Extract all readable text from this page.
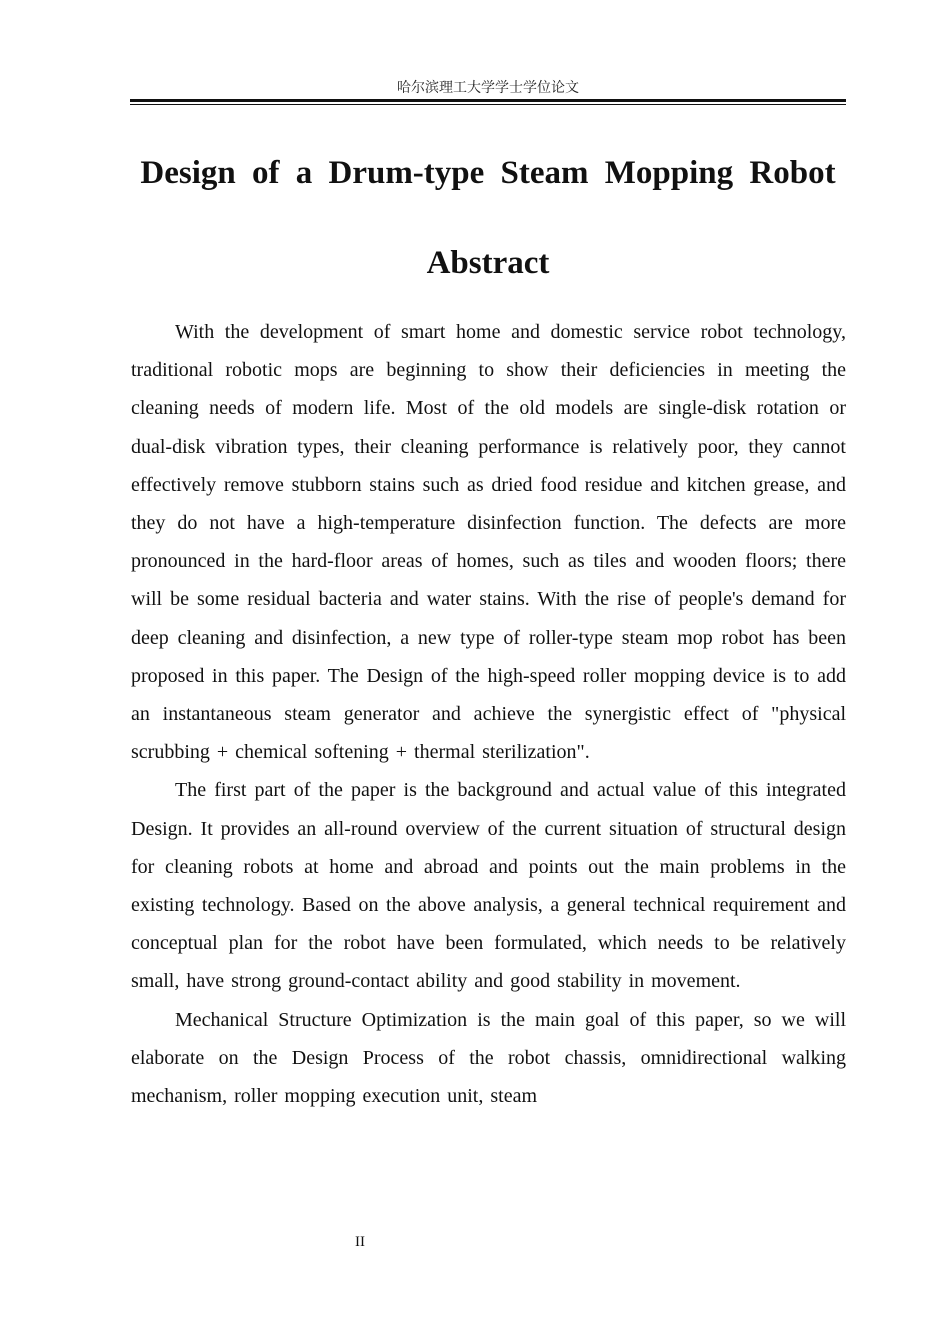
哈尔滨理工大学学士学位论文
Design of a Drum-type Steam Mopping Robot
Abstract

With the development of smart home and domestic service robot technology, traditional robotic mops are beginning to show their deficiencies in meeting the cleaning needs of modern life. Most of the old models are single-disk rotation or dual-disk vibration types, their cleaning performance is relatively poor, they cannot effectively remove stubborn stains such as dried food residue and kitchen grease, and they do not have a high-temperature disinfection function. The defects are more pronounced in the hard-floor areas of homes, such as tiles and wooden floors; there will be some residual bacteria and water stains. With the rise of people's demand for deep cleaning and disinfection, a new type of roller-type steam mop robot has been proposed in this paper. The Design of the high-speed roller mopping device is to add an instantaneous steam generator and achieve the synergistic effect of "physical scrubbing + chemical softening + thermal sterilization".

The first part of the paper is the background and actual value of this integrated Design. It provides an all-round overview of the current situation of structural design for cleaning robots at home and abroad and points out the main problems in the existing technology. Based on the above analysis, a general technical requirement and conceptual plan for the robot have been formulated, which needs to be relatively small, have strong ground-contact ability and good stability in movement.

Mechanical Structure Optimization is the main goal of this paper, so we will elaborate on the Design Process of the robot chassis, omnidirectional walking mechanism, roller mopping execution unit, steam

II
